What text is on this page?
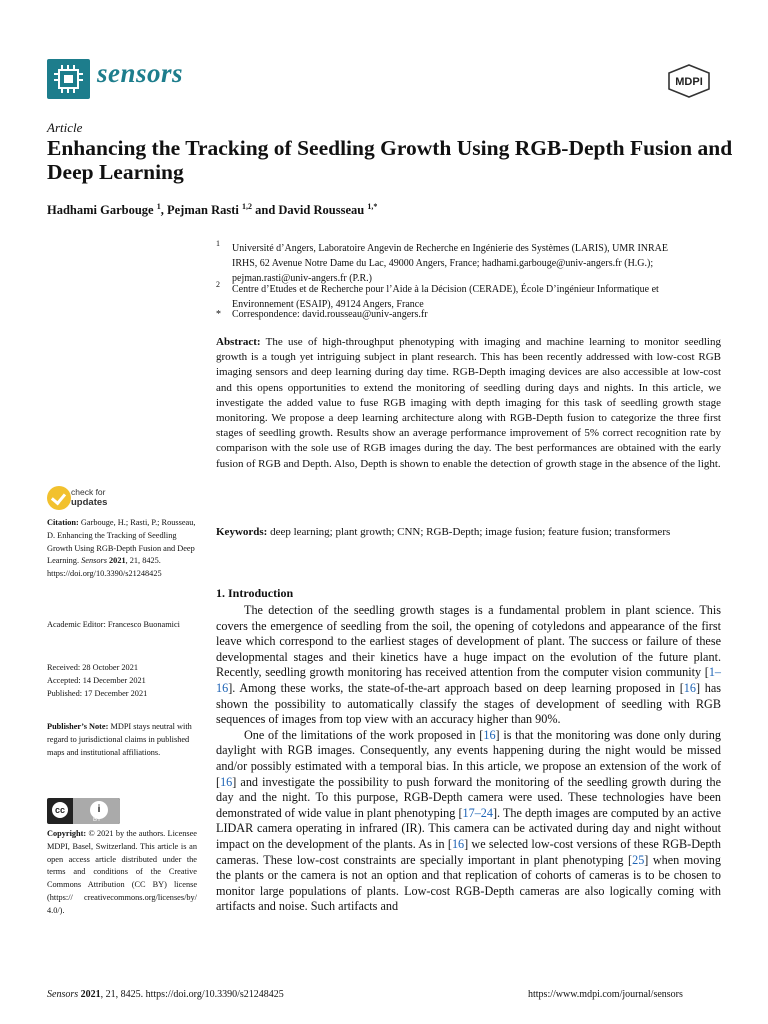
sensors	MDPI
Article
Enhancing the Tracking of Seedling Growth Using RGB-Depth Fusion and Deep Learning
Hadhami Garbouge $^1$, Pejman Rasti $^{1,2}$ and David Rousseau $^{1,*}$
1 Université d’Angers, Laboratoire Angevin de Recherche en Ingénierie des Systèmes (LARIS), UMR INRAE
IRHS, 62 Avenue Notre Dame du Lac, 49000 Angers, France; hadhami.garbouge@univ-angers.fr (H.G.);
pejman.rasti@univ-angers.fr (P.R.)
2 Centre d’Etudes et de Recherche pour l’Aide à la Décision (CERADE), École D’ingénieur Informatique et
Environnement (ESAIP), 49124 Angers, France
* Correspondence: david.rousseau@univ-angers.fr
Abstract: The use of high-throughput phenotyping with imaging and machine learning to monitor seedling growth is a tough yet intriguing subject in plant research. This has been recently addressed with low-cost RGB imaging sensors and deep learning during day time. RGB-Depth imaging devices are also accessible at low-cost and this opens opportunities to extend the monitoring of seedling during days and nights. In this article, we investigate the added value to fuse RGB imaging with depth imaging for this task of seedling growth stage monitoring. We propose a deep learning architecture along with RGB-Depth fusion to categorize the three first stages of seedling growth. Results show an average performance improvement of 5% correct recognition rate by comparison with the sole use of RGB images during the day. The best performances are obtained with the early fusion of RGB and Depth. Also, Depth is shown to enable the detection of growth stage in the absence of the light.
Keywords: deep learning; plant growth; CNN; RGB-Depth; image fusion; feature fusion; transformers
check for
updates
Citation: Garbouge, H.; Rasti, P.; Rousseau, D. Enhancing the Tracking of Seedling Growth Using RGB-Depth Fusion and Deep Learning. Sensors 2021, 21, 8425. https://doi.org/10.3390/s21248425
Academic Editor: Francesco Buonamici
Received: 28 October 2021
Accepted: 14 December 2021
Published: 17 December 2021
Publisher’s Note: MDPI stays neutral with regard to jurisdictional claims in published maps and institutional affiliations.
cc	i
BY
Copyright: © 2021 by the authors. Licensee MDPI, Basel, Switzerland. This article is an open access article distributed under the terms and conditions of the Creative Commons Attribution (CC BY) license (https:// creativecommons.org/licenses/by/ 4.0/).
1. Introduction

The detection of the seedling growth stages is a fundamental problem in plant science. This covers the emergence of seedling from the soil, the opening of cotyledons and appearance of the first leave which correspond to the earliest stages of development of plant. The success or failure of these developmental stages and their kinetics have a huge impact on the evolution of the future plant. Recently, seedling growth monitoring has received attention from the computer vision community [1–16]. Among these works, the state-of-the-art approach based on deep learning proposed in [16] has shown the possibility to automatically classify the stages of development of seedling with RGB sequences of images from top view with an accuracy higher than 90%.

One of the limitations of the work proposed in [16] is that the monitoring was done only during daylight with RGB images. Consequently, any events happening during the night would be missed and/or possibly estimated with a temporal bias. In this article, we propose an extension of the work of [16] and investigate the possibility to push forward the monitoring of the seedling growth during the day and the night. To this purpose, RGB-Depth camera were used. These technologies have been demonstrated of wide value in plant phenotyping [17–24]. The depth images are computed by an active LIDAR camera operating in infrared (IR). This camera can be activated during day and night without impact on the development of the plants. As in [16] we selected low-cost versions of these RGB-Depth cameras. These low-cost constraints are specially important in plant phenotyping [25] when moving the plants or the camera is not an option and that replication of cohorts of cameras is to be chosen to monitor large populations of plants. Low-cost RGB-Depth cameras are also logically coming with artifacts and noise. Such artifacts and

Sensors 2021, 21, 8425. https://doi.org/10.3390/s21248425	https://www.mdpi.com/journal/sensors
